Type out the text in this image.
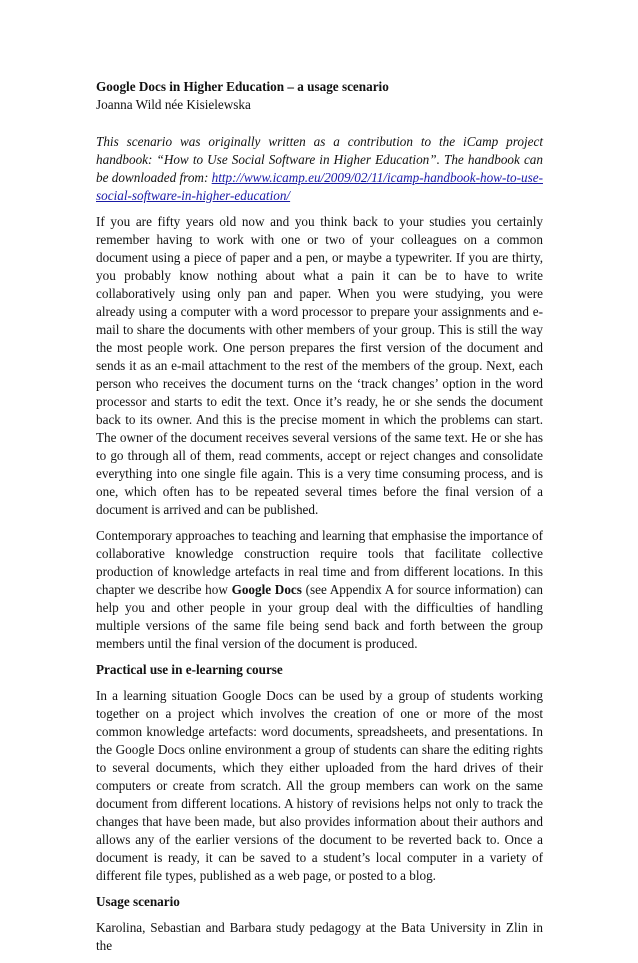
Google Docs in Higher Education – a usage scenario

Joanna Wild née Kisielewska

This scenario was originally written as a contribution to the iCamp project handbook: “How to Use Social Software in Higher Education”. The handbook can be downloaded from: http://www.icamp.eu/2009/02/11/icamp-handbook-how-to-use-social-software-in-higher-education/

If you are fifty years old now and you think back to your studies you certainly remember having to work with one or two of your colleagues on a common document using a piece of paper and a pen, or maybe a typewriter. If you are thirty, you probably know nothing about what a pain it can be to have to write collaboratively using only pan and paper. When you were studying, you were already using a computer with a word processor to prepare your assignments and e-mail to share the documents with other members of your group. This is still the way the most people work. One person prepares the first version of the document and sends it as an e-mail attachment to the rest of the members of the group. Next, each person who receives the document turns on the ‘track changes’ option in the word processor and starts to edit the text. Once it’s ready, he or she sends the document back to its owner. And this is the precise moment in which the problems can start. The owner of the document receives several versions of the same text. He or she has to go through all of them, read comments, accept or reject changes and consolidate everything into one single file again. This is a very time consuming process, and is one, which often has to be repeated several times before the final version of a document is arrived and can be published.

Contemporary approaches to teaching and learning that emphasise the importance of collaborative knowledge construction require tools that facilitate collective production of knowledge artefacts in real time and from different locations. In this chapter we describe how Google Docs (see Appendix A for source information) can help you and other people in your group deal with the difficulties of handling multiple versions of the same file being send back and forth between the group members until the final version of the document is produced.

Practical use in e-learning course

In a learning situation Google Docs can be used by a group of students working together on a project which involves the creation of one or more of the most common knowledge artefacts: word documents, spreadsheets, and presentations. In the Google Docs online environment a group of students can share the editing rights to several documents, which they either uploaded from the hard drives of their computers or create from scratch. All the group members can work on the same document from different locations. A history of revisions helps not only to track the changes that have been made, but also provides information about their authors and allows any of the earlier versions of the document to be reverted back to. Once a document is ready, it can be saved to a student’s local computer in a variety of different file types, published as a web page, or posted to a blog.

Usage scenario

Karolina, Sebastian and Barbara study pedagogy at the Bata University in Zlin in the
